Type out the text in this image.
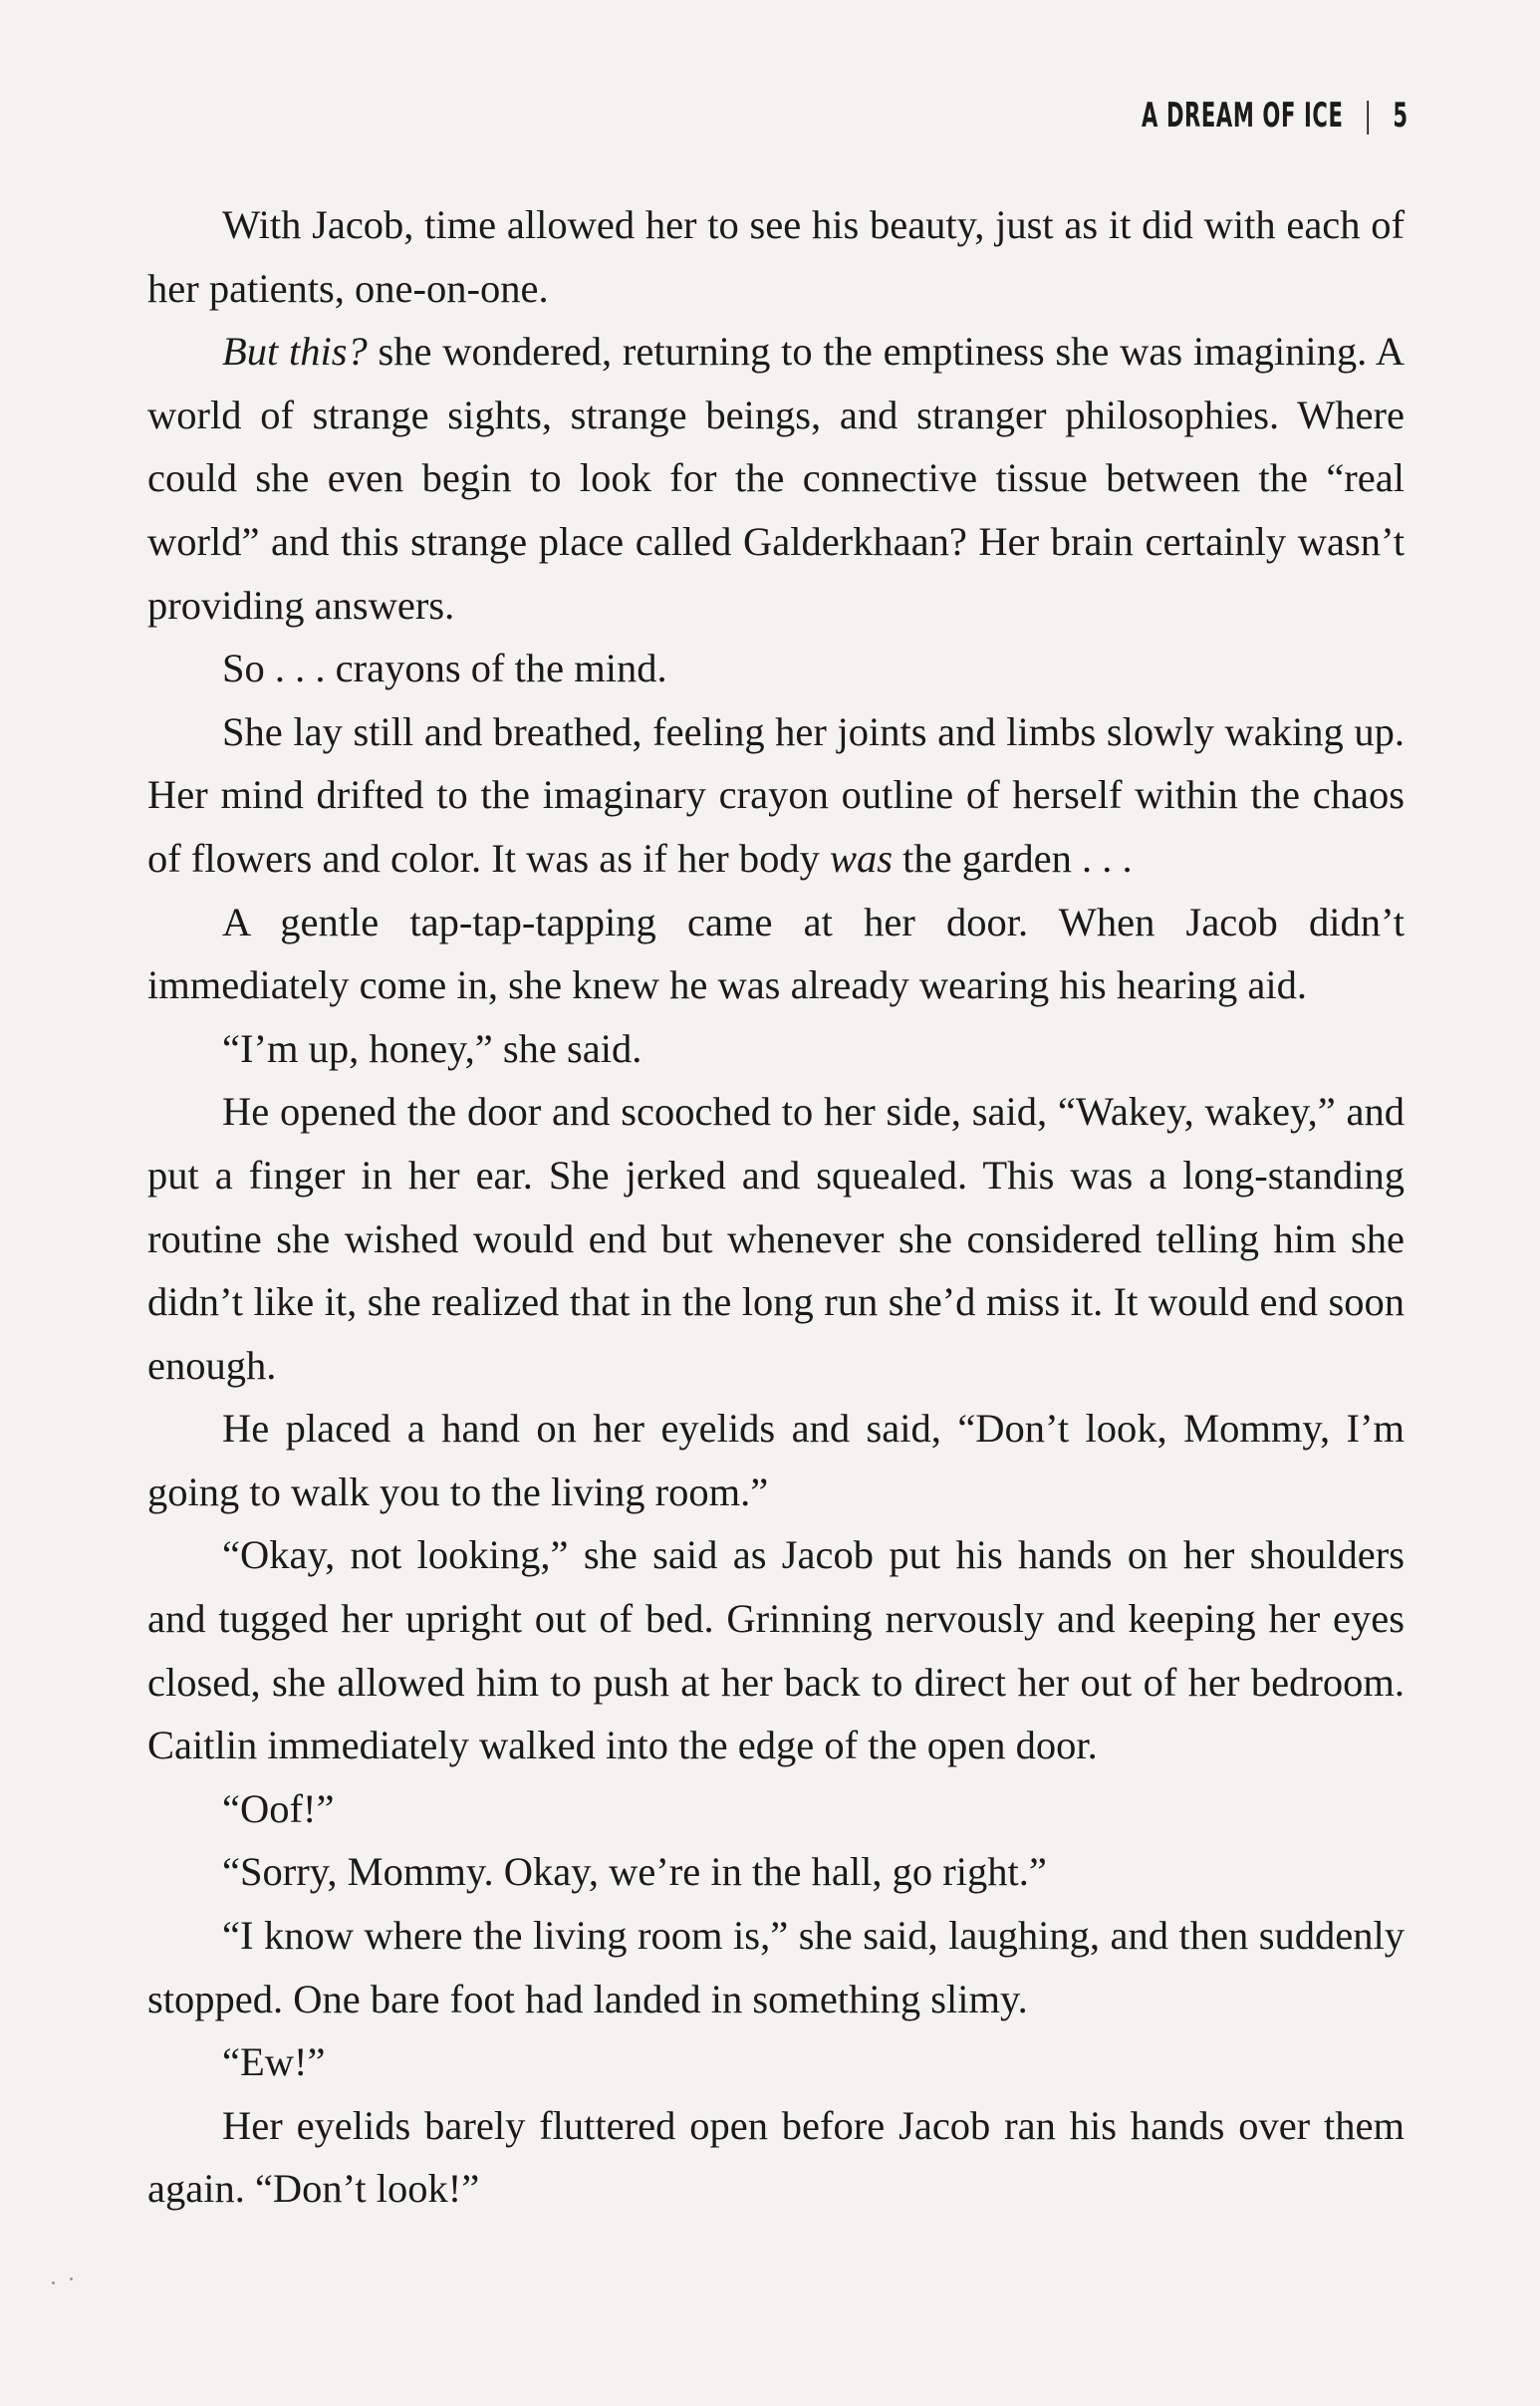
A DREAM OF ICE | 5

With Jacob, time allowed her to see his beauty, just as it did with each of her patients, one-on-one.

But this? she wondered, returning to the emptiness she was imagining. A world of strange sights, strange beings, and stranger philosophies. Where could she even begin to look for the connective tissue between the “real world” and this strange place called Galderkhaan? Her brain certainly wasn’t providing answers.

So . . . crayons of the mind.

She lay still and breathed, feeling her joints and limbs slowly waking up. Her mind drifted to the imaginary crayon outline of herself within the chaos of flowers and color. It was as if her body was the garden . . .

A gentle tap-tap-tapping came at her door. When Jacob didn’t immediately come in, she knew he was already wearing his hearing aid.

“I’m up, honey,” she said.

He opened the door and scooched to her side, said, “Wakey, wakey,” and put a finger in her ear. She jerked and squealed. This was a long-standing routine she wished would end but whenever she considered telling him she didn’t like it, she realized that in the long run she’d miss it. It would end soon enough.

He placed a hand on her eyelids and said, “Don’t look, Mommy, I’m going to walk you to the living room.”

“Okay, not looking,” she said as Jacob put his hands on her shoulders and tugged her upright out of bed. Grinning nervously and keeping her eyes closed, she allowed him to push at her back to direct her out of her bedroom. Caitlin immediately walked into the edge of the open door.

“Oof!”

“Sorry, Mommy. Okay, we’re in the hall, go right.”

“I know where the living room is,” she said, laughing, and then suddenly stopped. One bare foot had landed in something slimy.

“Ew!”

Her eyelids barely fluttered open before Jacob ran his hands over them again. “Don’t look!”
